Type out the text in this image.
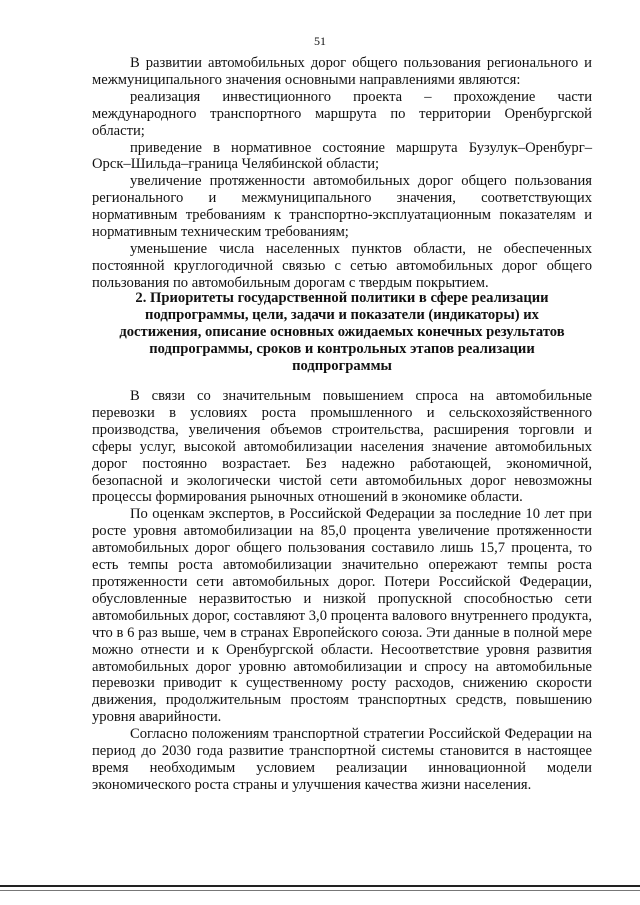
51

В развитии автомобильных дорог общего пользования регионального и межмуниципального значения основными направлениями являются:

реализация инвестиционного проекта – прохождение части международного транспортного маршрута по территории Оренбургской области;

приведение в нормативное состояние маршрута Бузулук–Оренбург–Орск–Шильда–граница Челябинской области;

увеличение протяженности автомобильных дорог общего пользования регионального и межмуниципального значения, соответствующих нормативным требованиям к транспортно-эксплуатационным показателям и нормативным техническим требованиям;

уменьшение числа населенных пунктов области, не обеспеченных постоянной круглогодичной связью с сетью автомобильных дорог общего пользования по автомобильным дорогам с твердым покрытием.

2. Приоритеты государственной политики в сфере реализации
подпрограммы, цели, задачи и показатели (индикаторы) их
достижения, описание основных ожидаемых конечных результатов
подпрограммы, сроков и контрольных этапов реализации
подпрограммы

В связи со значительным повышением спроса на автомобильные перевозки в условиях роста промышленного и сельскохозяйственного производства, увеличения объемов строительства, расширения торговли и сферы услуг, высокой автомобилизации населения значение автомобильных дорог постоянно возрастает. Без надежно работающей, экономичной, безопасной и экологически чистой сети автомобильных дорог невозможны процессы формирования рыночных отношений в экономике области.

По оценкам экспертов, в Российской Федерации за последние 10 лет при росте уровня автомобилизации на 85,0 процента увеличение протяженности автомобильных дорог общего пользования составило лишь 15,7 процента, то есть темпы роста автомобилизации значительно опережают темпы роста протяженности сети автомобильных дорог. Потери Российской Федерации, обусловленные неразвитостью и низкой пропускной способностью сети автомобильных дорог, составляют 3,0 процента валового внутреннего продукта, что в 6 раз выше, чем в странах Европейского союза. Эти данные в полной мере можно отнести и к Оренбургской области. Несоответствие уровня развития автомобильных дорог уровню автомобилизации и спросу на автомобильные перевозки приводит к существенному росту расходов, снижению скорости движения, продолжительным простоям транспортных средств, повышению уровня аварийности.

Согласно положениям транспортной стратегии Российской Федерации на период до 2030 года развитие транспортной системы становится в настоящее время необходимым условием реализации инновационной модели экономического роста страны и улучшения качества жизни населения.
